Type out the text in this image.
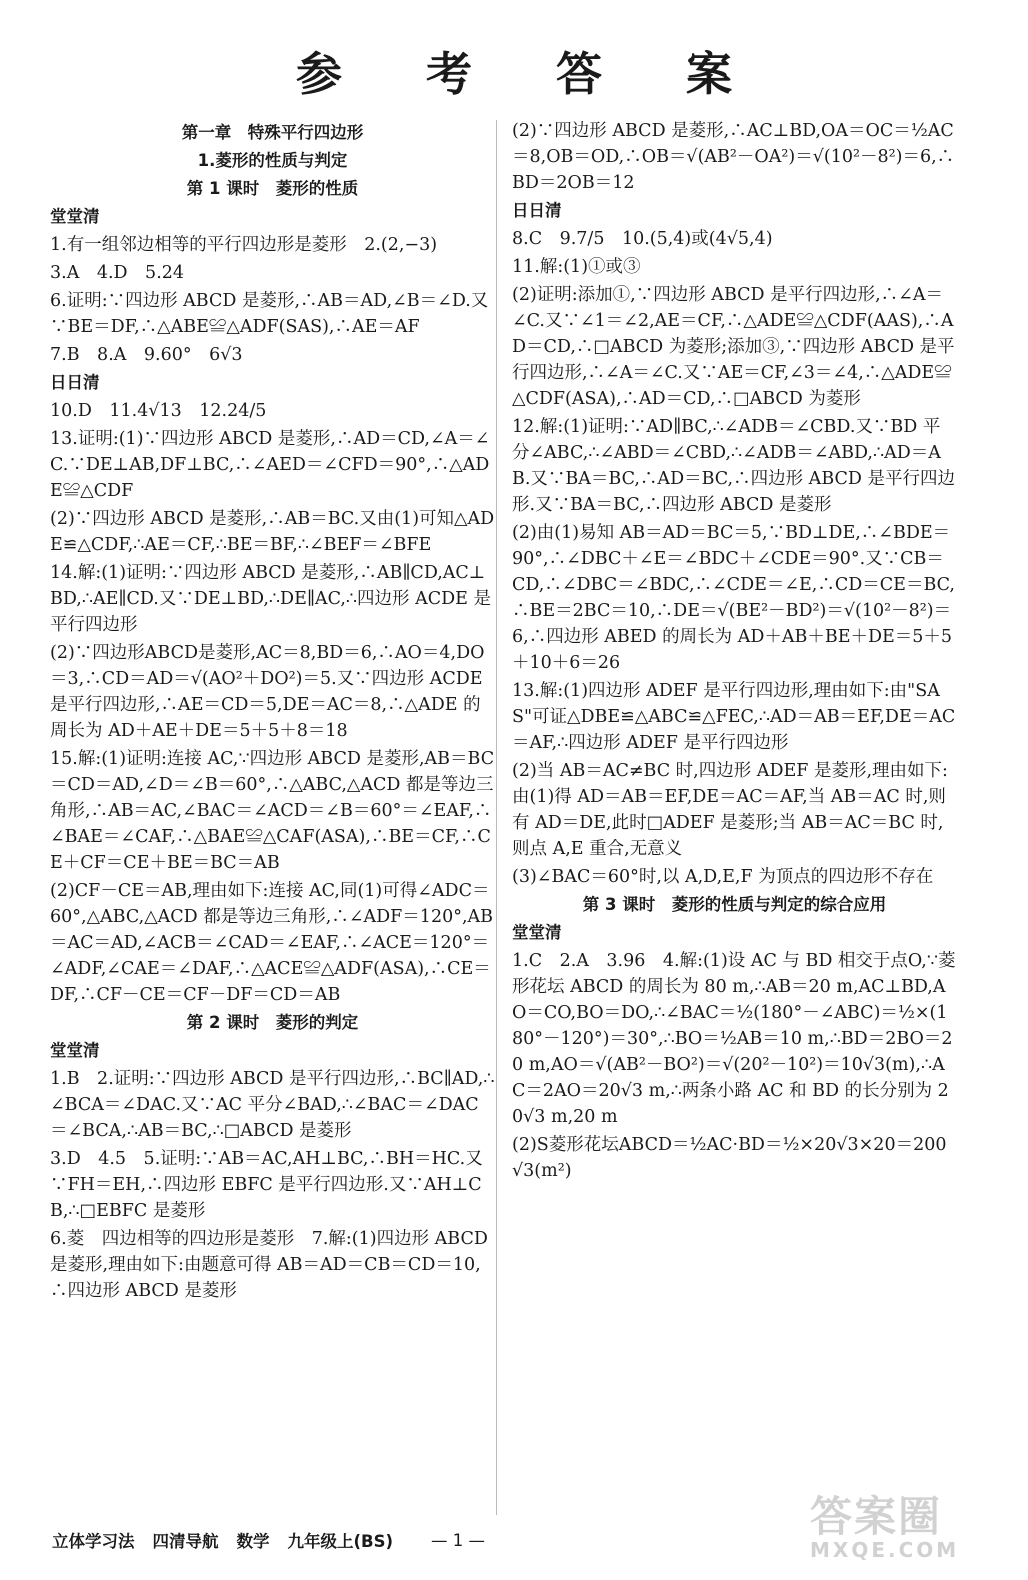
参 考 答 案
第一章　特殊平行四边形
1.菱形的性质与判定
第 1 课时　菱形的性质
堂堂清
1.有一组邻边相等的平行四边形是菱形　2.(2,−3)
3.A　4.D　5.24
6.证明:∵四边形 ABCD 是菱形,∴AB＝AD,∠B＝∠D.又∵BE＝DF,∴△ABE≌△ADF(SAS),∴AE＝AF
7.B　8.A　9.60°　6√3
日日清
10.D　11.4√13　12.24/5
13.证明:(1)∵四边形 ABCD 是菱形,∴AD＝CD,∠A＝∠C.∵DE⊥AB,DF⊥BC,∴∠AED＝∠CFD＝90°,∴△ADE≌△CDF
(2)∵四边形 ABCD 是菱形,∴AB＝BC.又由(1)可知△ADE≌△CDF,∴AE＝CF,∴BE＝BF,∴∠BEF＝∠BFE
14.解:(1)证明:∵四边形 ABCD 是菱形,∴AB∥CD,AC⊥BD,∴AE∥CD.又∵DE⊥BD,∴DE∥AC,∴四边形 ACDE 是平行四边形
(2)∵四边形ABCD是菱形,AC＝8,BD＝6,∴AO＝4,DO＝3,∴CD＝AD＝√(AO²＋DO²)＝5.又∵四边形 ACDE 是平行四边形,∴AE＝CD＝5,DE＝AC＝8,∴△ADE 的周长为 AD＋AE＋DE＝5＋5＋8＝18
15.解:(1)证明:连接 AC,∵四边形 ABCD 是菱形,AB＝BC＝CD＝AD,∠D＝∠B＝60°,∴△ABC,△ACD 都是等边三角形,∴AB＝AC,∠BAC＝∠ACD＝∠B＝60°＝∠EAF,∴∠BAE＝∠CAF,∴△BAE≌△CAF(ASA),∴BE＝CF,∴CE＋CF＝CE＋BE＝BC＝AB
(2)CF－CE＝AB,理由如下:连接 AC,同(1)可得∠ADC＝60°,△ABC,△ACD 都是等边三角形,∴∠ADF＝120°,AB＝AC＝AD,∠ACB＝∠CAD＝∠EAF,∴∠ACE＝120°＝∠ADF,∠CAE＝∠DAF,∴△ACE≌△ADF(ASA),∴CE＝DF,∴CF－CE＝CF－DF＝CD＝AB
第 2 课时　菱形的判定
堂堂清
1.B　2.证明:∵四边形 ABCD 是平行四边形,∴BC∥AD,∴∠BCA＝∠DAC.又∵AC 平分∠BAD,∴∠BAC＝∠DAC＝∠BCA,∴AB＝BC,∴□ABCD 是菱形
3.D　4.5　5.证明:∵AB＝AC,AH⊥BC,∴BH＝HC.又∵FH＝EH,∴四边形 EBFC 是平行四边形.又∵AH⊥CB,∴□EBFC 是菱形
6.菱　四边相等的四边形是菱形　7.解:(1)四边形 ABCD 是菱形,理由如下:由题意可得 AB＝AD＝CB＝CD＝10,∴四边形 ABCD 是菱形
(2)∵四边形 ABCD 是菱形,∴AC⊥BD,OA＝OC＝½AC＝8,OB＝OD,∴OB＝√(AB²－OA²)＝√(10²－8²)＝6,∴BD＝2OB＝12
日日清
8.C　9.7/5　10.(5,4)或(4√5,4)
11.解:(1)①或③
(2)证明:添加①,∵四边形 ABCD 是平行四边形,∴∠A＝∠C.又∵∠1＝∠2,AE＝CF,∴△ADE≌△CDF(AAS),∴AD＝CD,∴□ABCD 为菱形;添加③,∵四边形 ABCD 是平行四边形,∴∠A＝∠C.又∵AE＝CF,∠3＝∠4,∴△ADE≌△CDF(ASA),∴AD＝CD,∴□ABCD 为菱形
12.解:(1)证明:∵AD∥BC,∴∠ADB＝∠CBD.又∵BD 平分∠ABC,∴∠ABD＝∠CBD,∴∠ADB＝∠ABD,∴AD＝AB.又∵BA＝BC,∴AD＝BC,∴四边形 ABCD 是平行四边形.又∵BA＝BC,∴四边形 ABCD 是菱形
(2)由(1)易知 AB＝AD＝BC＝5,∵BD⊥DE,∴∠BDE＝90°,∴∠DBC＋∠E＝∠BDC＋∠CDE＝90°.又∵CB＝CD,∴∠DBC＝∠BDC,∴∠CDE＝∠E,∴CD＝CE＝BC,∴BE＝2BC＝10,∴DE＝√(BE²－BD²)＝√(10²－8²)＝6,∴四边形 ABED 的周长为 AD＋AB＋BE＋DE＝5＋5＋10＋6＝26
13.解:(1)四边形 ADEF 是平行四边形,理由如下:由"SAS"可证△DBE≌△ABC≌△FEC,∴AD＝AB＝EF,DE＝AC＝AF,∴四边形 ADEF 是平行四边形
(2)当 AB＝AC≠BC 时,四边形 ADEF 是菱形,理由如下:由(1)得 AD＝AB＝EF,DE＝AC＝AF,当 AB＝AC 时,则有 AD＝DE,此时□ADEF 是菱形;当 AB＝AC＝BC 时,则点 A,E 重合,无意义
(3)∠BAC＝60°时,以 A,D,E,F 为顶点的四边形不存在
第 3 课时　菱形的性质与判定的综合应用
堂堂清
1.C　2.A　3.96　4.解:(1)设 AC 与 BD 相交于点O,∵菱形花坛 ABCD 的周长为 80 m,∴AB＝20 m,AC⊥BD,AO＝CO,BO＝DO,∴∠BAC＝½(180°－∠ABC)＝½×(180°－120°)＝30°,∴BO＝½AB＝10 m,∴BD＝2BO＝20 m,AO＝√(AB²－BO²)＝√(20²－10²)＝10√3(m),∴AC＝2AO＝20√3 m,∴两条小路 AC 和 BD 的长分别为 20√3 m,20 m
(2)S菱形花坛ABCD＝½AC·BD＝½×20√3×20＝200√3(m²)
立体学习法 四清导航 数学 九年级上(BS) — 1 —	答案圈
MXQE.COM
